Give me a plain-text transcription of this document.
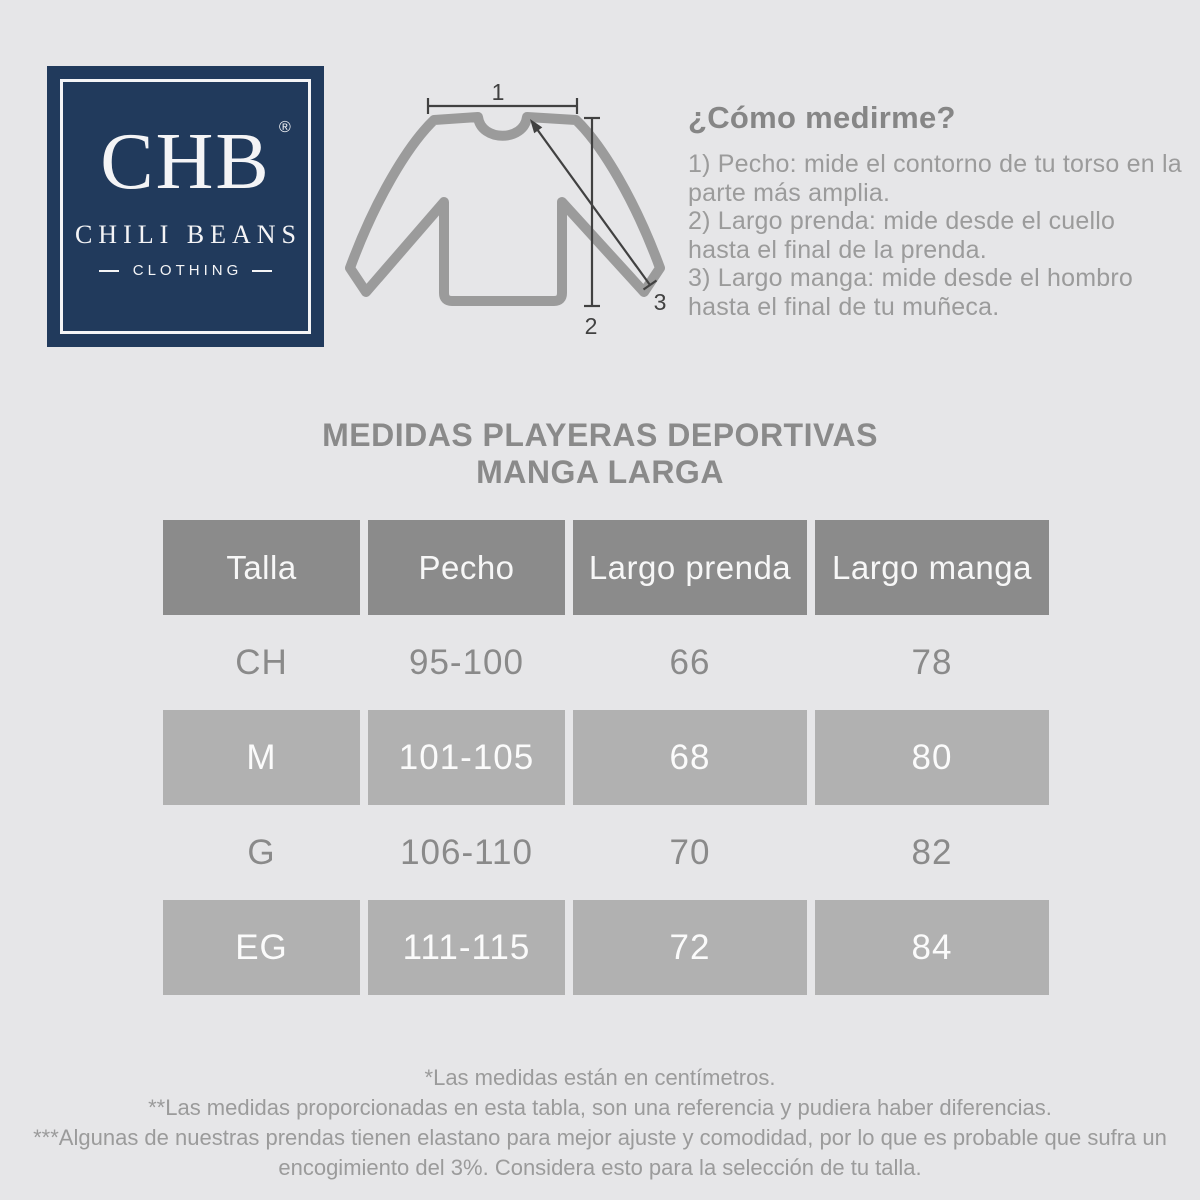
CHB ®
CHILI BEANS
CLOTHING
1
2
3
¿Cómo medirme?

1) Pecho: mide el contorno de tu torso en la parte más amplia.

2) Largo prenda: mide desde el cuello hasta el final de la prenda.

3) Largo manga: mide desde el hombro hasta el final de tu muñeca.

MEDIDAS PLAYERAS DEPORTIVAS
MANGA LARGA
Talla	Pecho	Largo prenda	Largo manga
CH	95-100	66	78
M	101-105	68	80
G	106-110	70	82
EG	111-115	72	84

*Las medidas están en centímetros.

**Las medidas proporcionadas en esta tabla, son una referencia y pudiera haber diferencias.

***Algunas de nuestras prendas tienen elastano para mejor ajuste y comodidad, por lo que es probable que sufra un encogimiento del 3%. Considera esto para la selección de tu talla.
